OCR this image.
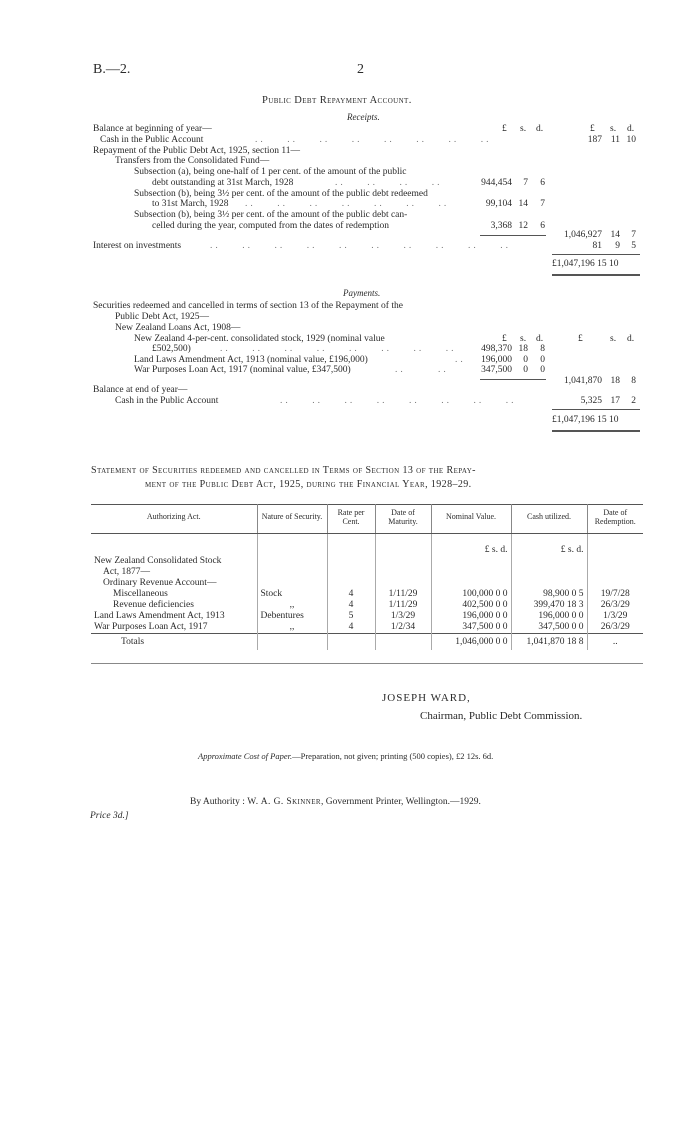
B.—2.	2
Public Debt Repayment Account.
Receipts.
£ s. d.	£ s. d.
Balance at beginning of year—
Cash in the Public Account	..    ..    ..    ..    ..    ..    ..    ..	187 11 10
Repayment of the Public Debt Act, 1925, section 11—
Transfers from the Consolidated Fund—
Subsection (a), being one-half of 1 per cent. of the amount of the public
debt outstanding at 31st March, 1928	..    ..    ..    ..	944,454	7	6
Subsection (b), being 3½ per cent. of the amount of the public debt redeemed
to 31st March, 1928 ..    ..    ..    ..    ..    ..    ..	99,104 14	7
Subsection (b), being 3½ per cent. of the amount of the public debt can-
celled during the year, computed from the dates of redemption	3,368 12	6
1,046,927 14	7
Interest on investments	..    ..    ..    ..    ..    ..    ..    ..    ..    ..	81	9	5
£1,047,196 15 10
Payments.
Securities redeemed and cancelled in terms of section 13 of the Repayment of the
Public Debt Act, 1925—
New Zealand Loans Act, 1908—
£ s. d.	£	s. d.
New Zealand 4-per-cent. consolidated stock, 1929 (nominal value
£502,500)	..    ..    ..    ..    ..    ..    ..    ..	498,370 18	8
Land Laws Amendment Act, 1913 (nominal value, £196,000)	..	196,000	0	0
War Purposes Loan Act, 1917 (nominal value, £347,500)	..      ..	347,500	0	0
1,041,870 18	8
Balance at end of year—
Cash in the Public Account	..    ..    ..    ..    ..    ..    ..    ..	5,325 17	2
£1,047,196 15 10
Statement of Securities redeemed and cancelled in Terms of Section 13 of the Repay-
ment of the Public Debt Act, 1925, during the Financial Year, 1928–29.
Authorizing Act.	Nature of Security.	Rate per Cent.	Date of Maturity.	Nominal Value.	Cash utilized.	Date of Redemption.

				£ s. d.	£ s. d.	
New Zealand Consolidated Stock						
Act, 1877—						
Ordinary Revenue Account—						
Miscellaneous	Stock	4	1/11/29	100,000 0 0	98,900 0 5	19/7/28
Revenue deficiencies	,,	4	1/11/29	402,500 0 0	399,470 18 3	26/3/29
Land Laws Amendment Act, 1913	Debentures	5	1/3/29	196,000 0 0	196,000 0 0	1/3/29
War Purposes Loan Act, 1917	,,	4	1/2/34	347,500 0 0	347,500 0 0	26/3/29
Totals				1,046,000 0 0	1,041,870 18 8	..
JOSEPH WARD,
Chairman, Public Debt Commission.
Approximate Cost of Paper.—Preparation, not given; printing (500 copies), £2 12s. 6d.
By Authority : W. A. G. Skinner, Government Printer, Wellington.—1929.
Price 3d.]
